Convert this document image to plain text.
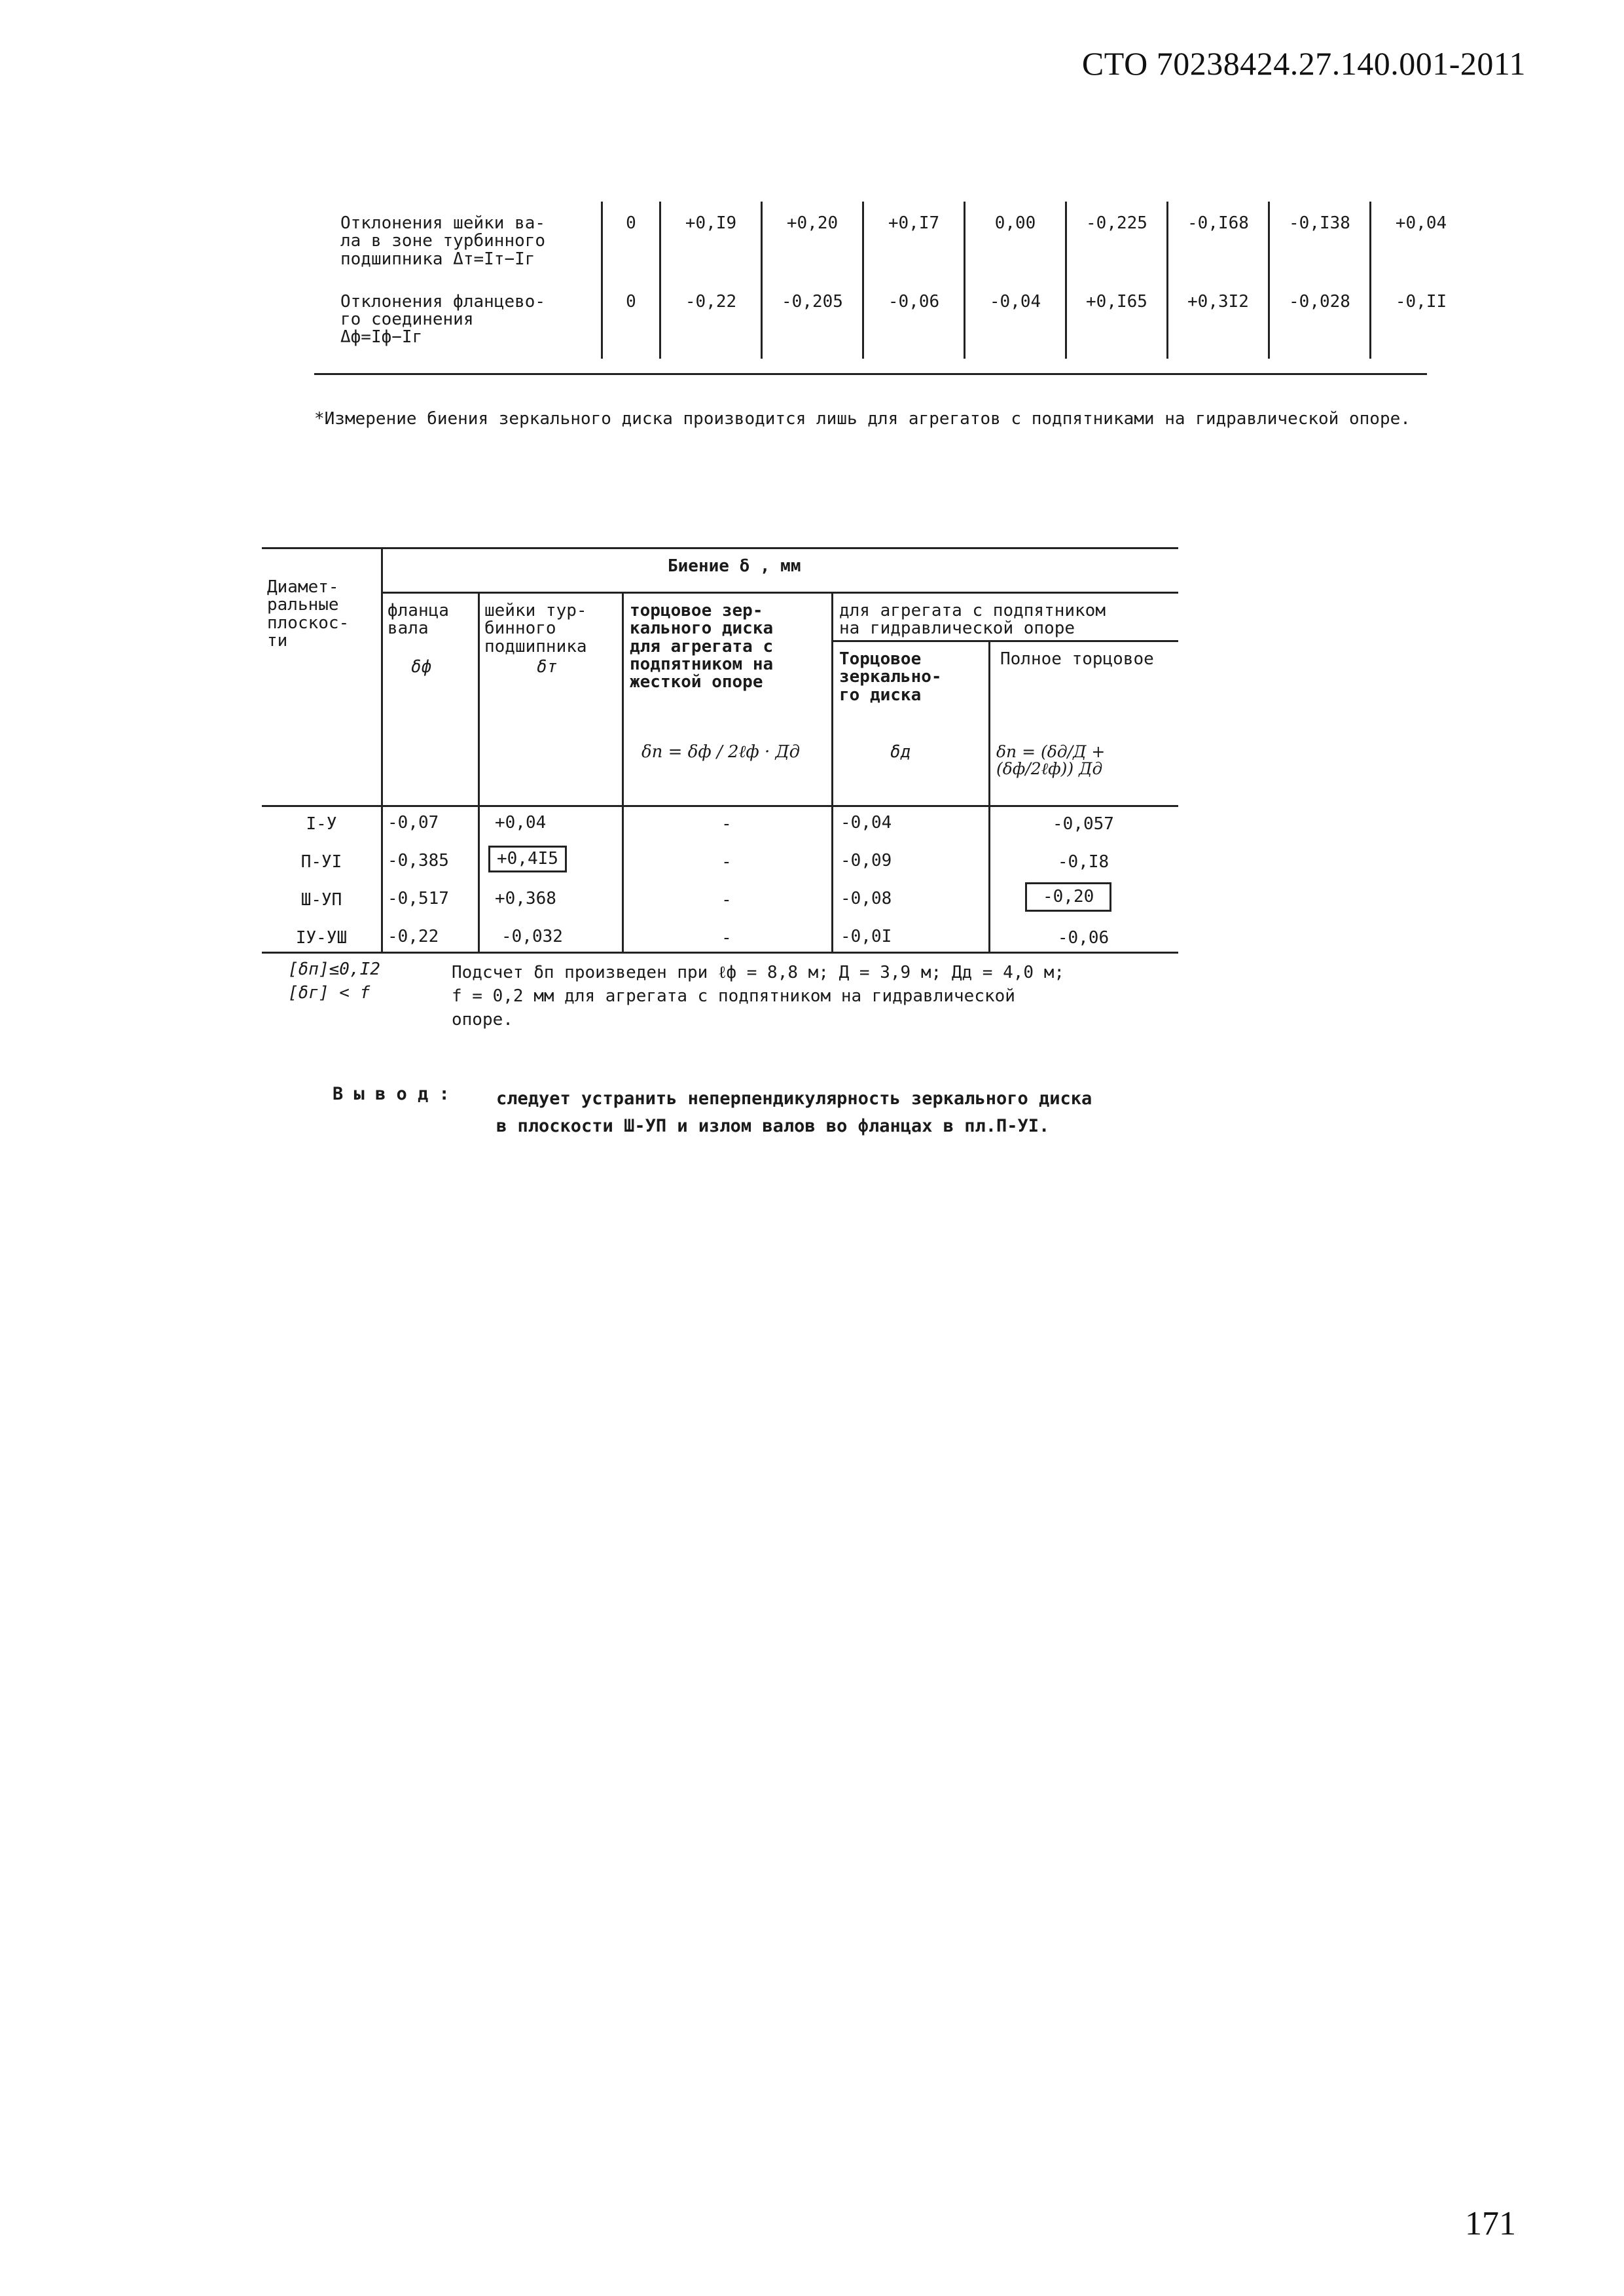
СТО 70238424.27.140.001-2011
Отклонения шейки ва-
ла в зоне турбинного
подшипника Δт=Iт−Iг	0	+0,I9	+0,20	+0,I7	0,00	-0,225	-0,I68	-0,I38	+0,04
Отклонения фланцево-
го соединения
Δф=Iф−Iг	0	-0,22	-0,205	-0,06	-0,04	+0,I65	+0,3I2	-0,028	-0,II
*Измерение биения зеркального диска производится лишь для агрегатов с подпятниками на гидравлической опоре.
Диамет-
ральные
плоскос-
ти
Биение δ , мм
фланца
вала
δф
шейки тур-
бинного
подшипника
δт
торцовое зер-
кального диска
для агрегата с
подпятником на
жесткой опоре
δп = δф / 2ℓф · Дд
для агрегата с подпятником
на гидравлической опоре
Торцовое
зеркально-
го диска
δд
Полное торцовое
δп = (δд/Д + (δф/2ℓф)) Дд
I-У	-0,07	+0,04	-	-0,04	-0,057
П-УI	-0,385	+0,4I5	-	-0,09	-0,I8
Ш-УП	-0,517	+0,368	-	-0,08	-0,20
IУ-УШ	-0,22	-0,032	-	-0,0I	-0,06
[δп]≤0,I2
[δг] < f
Подсчет δп произведен при ℓф = 8,8 м; Д = 3,9 м; Дд = 4,0 м;
f = 0,2 мм для агрегата с подпятником на гидравлической
опоре.
В ы в о д :	следует устранить неперпендикулярность зеркального диска
в плоскости Ш-УП и излом валов во фланцах в пл.П-УI.
171
